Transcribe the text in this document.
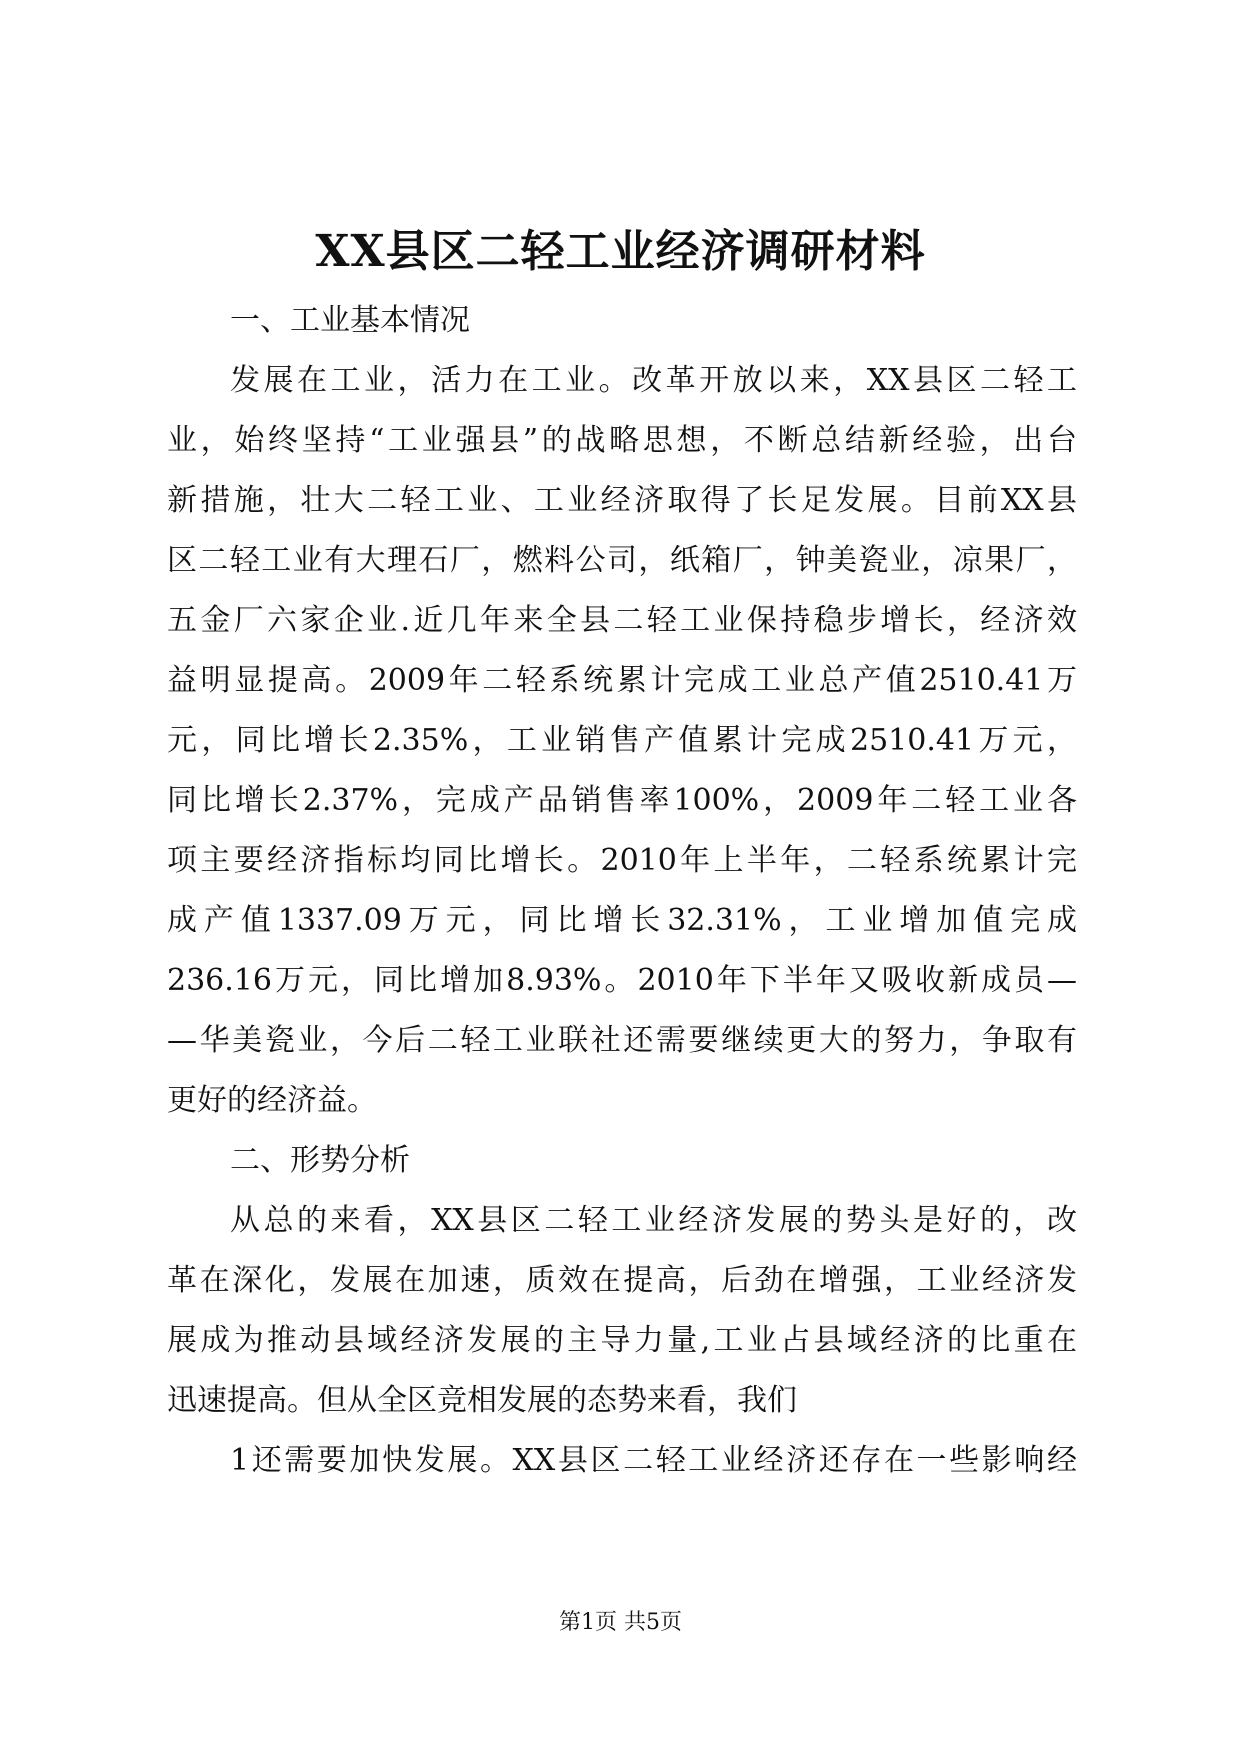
XX县区二轻工业经济调研材料
一、工业基本情况
发展在工业，活力在工业。改革开放以来，XX县区二轻工
业，始终坚持“工业强县”的战略思想，不断总结新经验，出台
新措施，壮大二轻工业、工业经济取得了长足发展。目前XX县
区二轻工业有大理石厂，燃料公司，纸箱厂，钟美瓷业，凉果厂，
五金厂六家企业.近几年来全县二轻工业保持稳步增长，经济效
益明显提高。2009年二轻系统累计完成工业总产值2510.41万
元，同比增长2.35%，工业销售产值累计完成2510.41万元，
同比增长2.37%，完成产品销售率100%，2009年二轻工业各
项主要经济指标均同比增长。2010年上半年，二轻系统累计完
成产值1337.09万元，同比增长32.31%，工业增加值完成
236.16万元，同比增加8.93%。2010年下半年又吸收新成员—
—华美瓷业，今后二轻工业联社还需要继续更大的努力，争取有
更好的经济益。
二、形势分析
从总的来看，XX县区二轻工业经济发展的势头是好的，改
革在深化，发展在加速，质效在提高，后劲在增强，工业经济发
展成为推动县域经济发展的主导力量,工业占县域经济的比重在
迅速提高。但从全区竞相发展的态势来看，我们
1还需要加快发展。XX县区二轻工业经济还存在一些影响经
第1页 共5页
